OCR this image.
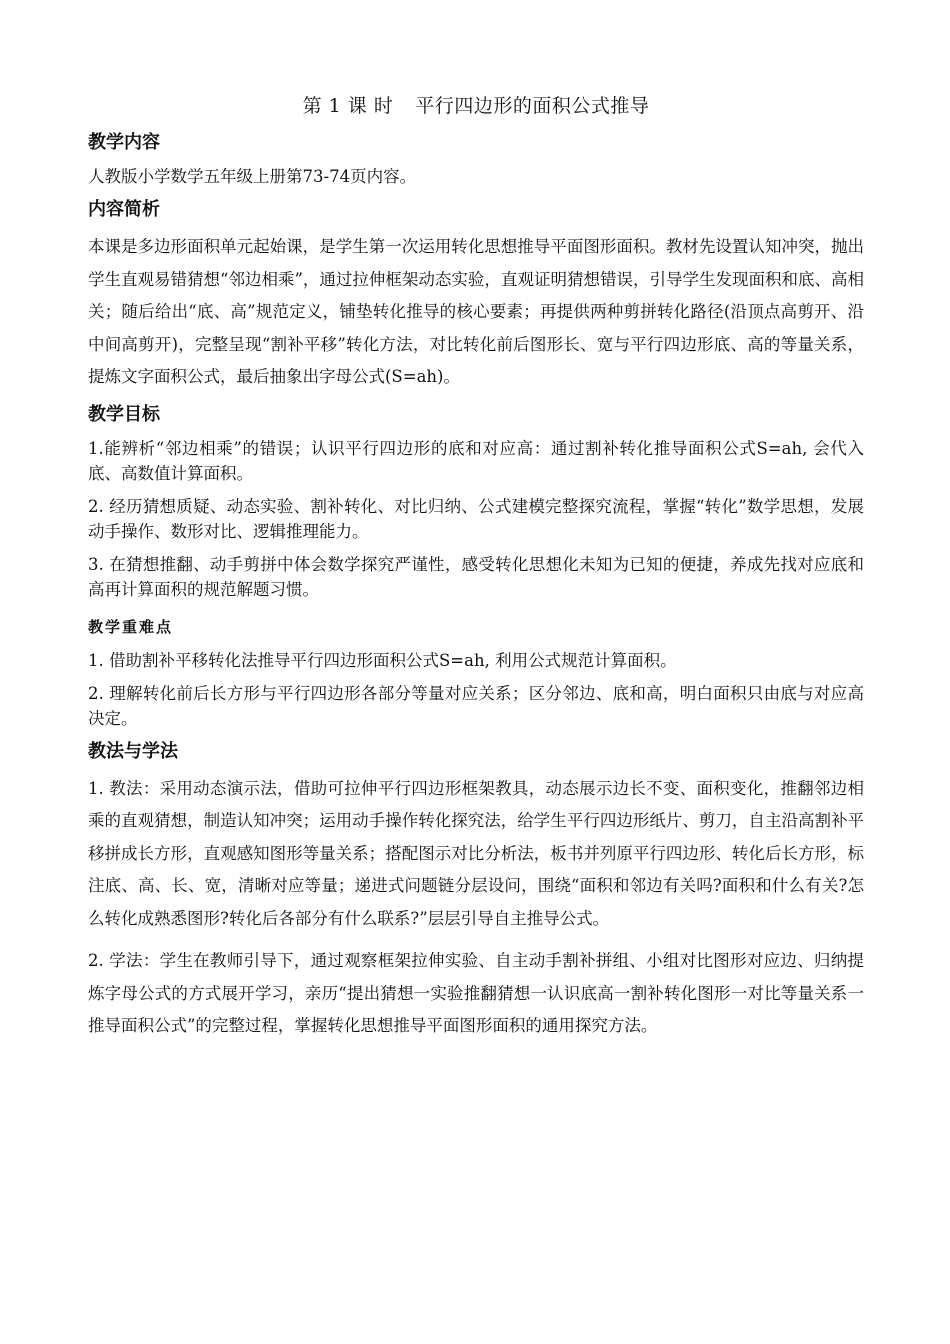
第 1 课 时 平行四边形的面积公式推导
教学内容

人教版小学数学五年级上册第73-74页内容。

内容简析

本课是多边形面积单元起始课，是学生第一次运用转化思想推导平面图形面积。教材先设置认知冲突，抛出学生直观易错猜想“邻边相乘”，通过拉伸框架动态实验，直观证明猜想错误，引导学生发现面积和底、高相关；随后给出“底、高”规范定义，铺垫转化推导的核心要素；再提供两种剪拼转化路径(沿顶点高剪开、沿中间高剪开)，完整呈现“割补平移”转化方法，对比转化前后图形长、宽与平行四边形底、高的等量关系，提炼文字面积公式，最后抽象出字母公式(S=ah)。

教学目标

1.能辨析“邻边相乘”的错误；认识平行四边形的底和对应高：通过割补转化推导面积公式S=ah, 会代入底、高数值计算面积。

2. 经历猜想质疑、动态实验、割补转化、对比归纳、公式建模完整探究流程，掌握“转化”数学思想，发展动手操作、数形对比、逻辑推理能力。

3. 在猜想推翻、动手剪拼中体会数学探究严谨性，感受转化思想化未知为已知的便捷，养成先找对应底和高再计算面积的规范解题习惯。

教学重难点

1. 借助割补平移转化法推导平行四边形面积公式S=ah, 利用公式规范计算面积。

2. 理解转化前后长方形与平行四边形各部分等量对应关系；区分邻边、底和高，明白面积只由底与对应高决定。

教法与学法

1. 教法：采用动态演示法，借助可拉伸平行四边形框架教具，动态展示边长不变、面积变化，推翻邻边相乘的直观猜想，制造认知冲突；运用动手操作转化探究法，给学生平行四边形纸片、剪刀，自主沿高割补平移拼成长方形，直观感知图形等量关系；搭配图示对比分析法，板书并列原平行四边形、转化后长方形，标注底、高、长、宽，清晰对应等量；递进式问题链分层设问，围绕“面积和邻边有关吗?面积和什么有关?怎么转化成熟悉图形?转化后各部分有什么联系?”层层引导自主推导公式。

2. 学法：学生在教师引导下，通过观察框架拉伸实验、自主动手割补拼组、小组对比图形对应边、归纳提炼字母公式的方式展开学习，亲历“提出猜想一实验推翻猜想一认识底高一割补转化图形一对比等量关系一推导面积公式”的完整过程，掌握转化思想推导平面图形面积的通用探究方法。
